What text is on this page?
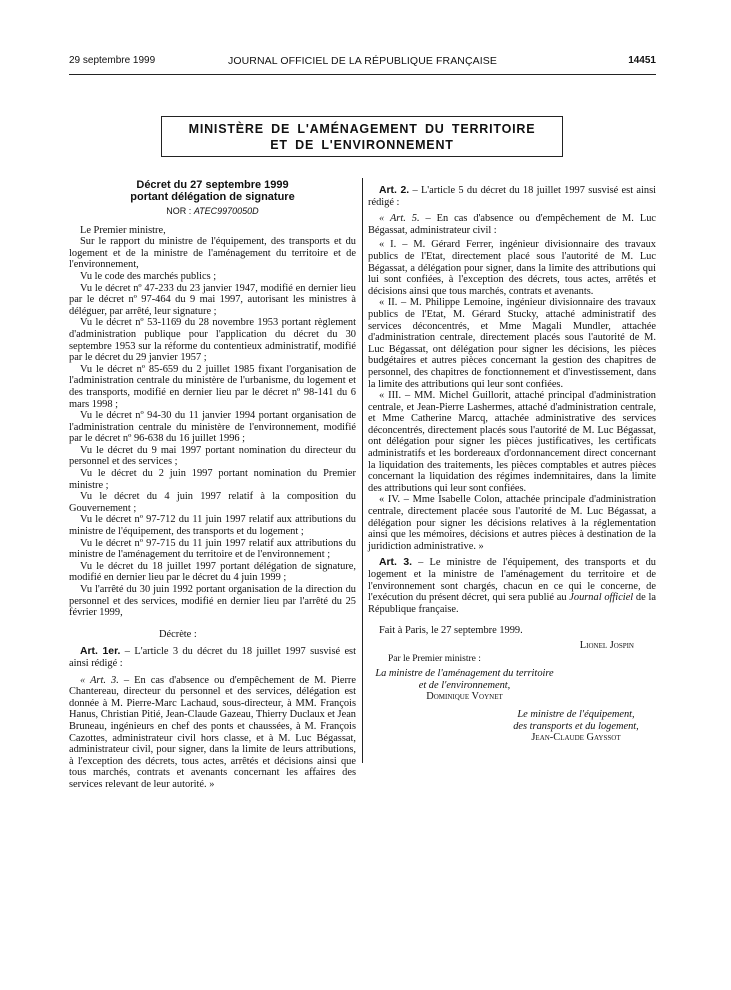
JOURNAL OFFICIEL DE LA RÉPUBLIQUE FRANÇAISE
29 septembre 1999	14451
MINISTÈRE DE L'AMÉNAGEMENT DU TERRITOIRE
ET DE L'ENVIRONNEMENT

Décret du 27 septembre 1999

portant délégation de signature

NOR : ATEC9970050D

Le Premier ministre,

Sur le rapport du ministre de l'équipement, des transports et du logement et de la ministre de l'aménagement du territoire et de l'environnement,

Vu le code des marchés publics ;

Vu le décret nº 47-233 du 23 janvier 1947, modifié en dernier lieu par le décret nº 97-464 du 9 mai 1997, autorisant les ministres à déléguer, par arrêté, leur signature ;

Vu le décret nº 53-1169 du 28 novembre 1953 portant règlement d'administration publique pour l'application du décret du 30 septembre 1953 sur la réforme du contentieux administratif, modifié par le décret du 29 janvier 1957 ;

Vu le décret nº 85-659 du 2 juillet 1985 fixant l'organisation de l'administration centrale du ministère de l'urbanisme, du logement et des transports, modifié en dernier lieu par le décret nº 98-141 du 6 mars 1998 ;

Vu le décret nº 94-30 du 11 janvier 1994 portant organisation de l'administration centrale du ministère de l'environnement, modifié par le décret nº 96-638 du 16 juillet 1996 ;

Vu le décret du 9 mai 1997 portant nomination du directeur du personnel et des services ;

Vu le décret du 2 juin 1997 portant nomination du Premier ministre ;

Vu le décret du 4 juin 1997 relatif à la composition du Gouvernement ;

Vu le décret nº 97-712 du 11 juin 1997 relatif aux attributions du ministre de l'équipement, des transports et du logement ;

Vu le décret nº 97-715 du 11 juin 1997 relatif aux attributions du ministre de l'aménagement du territoire et de l'environnement ;

Vu le décret du 18 juillet 1997 portant délégation de signature, modifié en dernier lieu par le décret du 4 juin 1999 ;

Vu l'arrêté du 30 juin 1992 portant organisation de la direction du personnel et des services, modifié en dernier lieu par l'arrêté du 25 février 1999,

Décrète :

Art. 1er. – L'article 3 du décret du 18 juillet 1997 susvisé est ainsi rédigé :

« Art. 3. – En cas d'absence ou d'empêchement de M. Pierre Chantereau, directeur du personnel et des services, délégation est donnée à M. Pierre-Marc Lachaud, sous-directeur, à MM. François Hanus, Christian Pitié, Jean-Claude Gazeau, Thierry Duclaux et Jean Bruneau, ingénieurs en chef des ponts et chaussées, à M. François Cazottes, administrateur civil hors classe, et à M. Luc Bégassat, administrateur civil, pour signer, dans la limite de leurs attributions, à l'exception des décrets, tous actes, arrêtés et décisions ainsi que tous marchés, contrats et avenants concernant les affaires des services relevant de leur autorité. »

Art. 2. – L'article 5 du décret du 18 juillet 1997 susvisé est ainsi rédigé :

« Art. 5. – En cas d'absence ou d'empêchement de M. Luc Bégassat, administrateur civil :

« I. – M. Gérard Ferrer, ingénieur divisionnaire des travaux publics de l'Etat, directement placé sous l'autorité de M. Luc Bégassat, a délégation pour signer, dans la limite des attributions qui lui sont confiées, à l'exception des décrets, tous actes, arrêtés et décisions ainsi que tous marchés, contrats et avenants.

« II. – M. Philippe Lemoine, ingénieur divisionnaire des travaux publics de l'Etat, M. Gérard Stucky, attaché administratif des services déconcentrés, et Mme Magali Mundler, attachée d'administration centrale, directement placés sous l'autorité de M. Luc Bégassat, ont délégation pour signer les décisions, les pièces budgétaires et autres pièces concernant la gestion des chapitres de personnel, des chapitres de fonctionnement et d'investissement, dans la limite des attributions qui leur sont confiées.

« III. – MM. Michel Guillorit, attaché principal d'administration centrale, et Jean-Pierre Lashermes, attaché d'administration centrale, et Mme Catherine Marcq, attachée administrative des services déconcentrés, directement placés sous l'autorité de M. Luc Bégassat, ont délégation pour signer les pièces justificatives, les certificats administratifs et les bordereaux d'ordonnancement direct concernant la liquidation des traitements, les pièces comptables et autres pièces concernant la liquidation des régimes indemnitaires, dans la limite des attributions qui leur sont confiées.

« IV. – Mme Isabelle Colon, attachée principale d'administration centrale, directement placée sous l'autorité de M. Luc Bégassat, a délégation pour signer les décisions relatives à la réglementation ainsi que les mémoires, décisions et autres pièces à destination de la juridiction administrative. »

Art. 3. – Le ministre de l'équipement, des transports et du logement et la ministre de l'aménagement du territoire et de l'environnement sont chargés, chacun en ce qui le concerne, de l'exécution du présent décret, qui sera publié au Journal officiel de la République française.

Fait à Paris, le 27 septembre 1999.

Lionel Jospin

Par le Premier ministre :

La ministre de l'aménagement du territoire
et de l'environnement,
Dominique Voynet
Le ministre de l'équipement,
des transports et du logement,
Jean-Claude Gayssot
